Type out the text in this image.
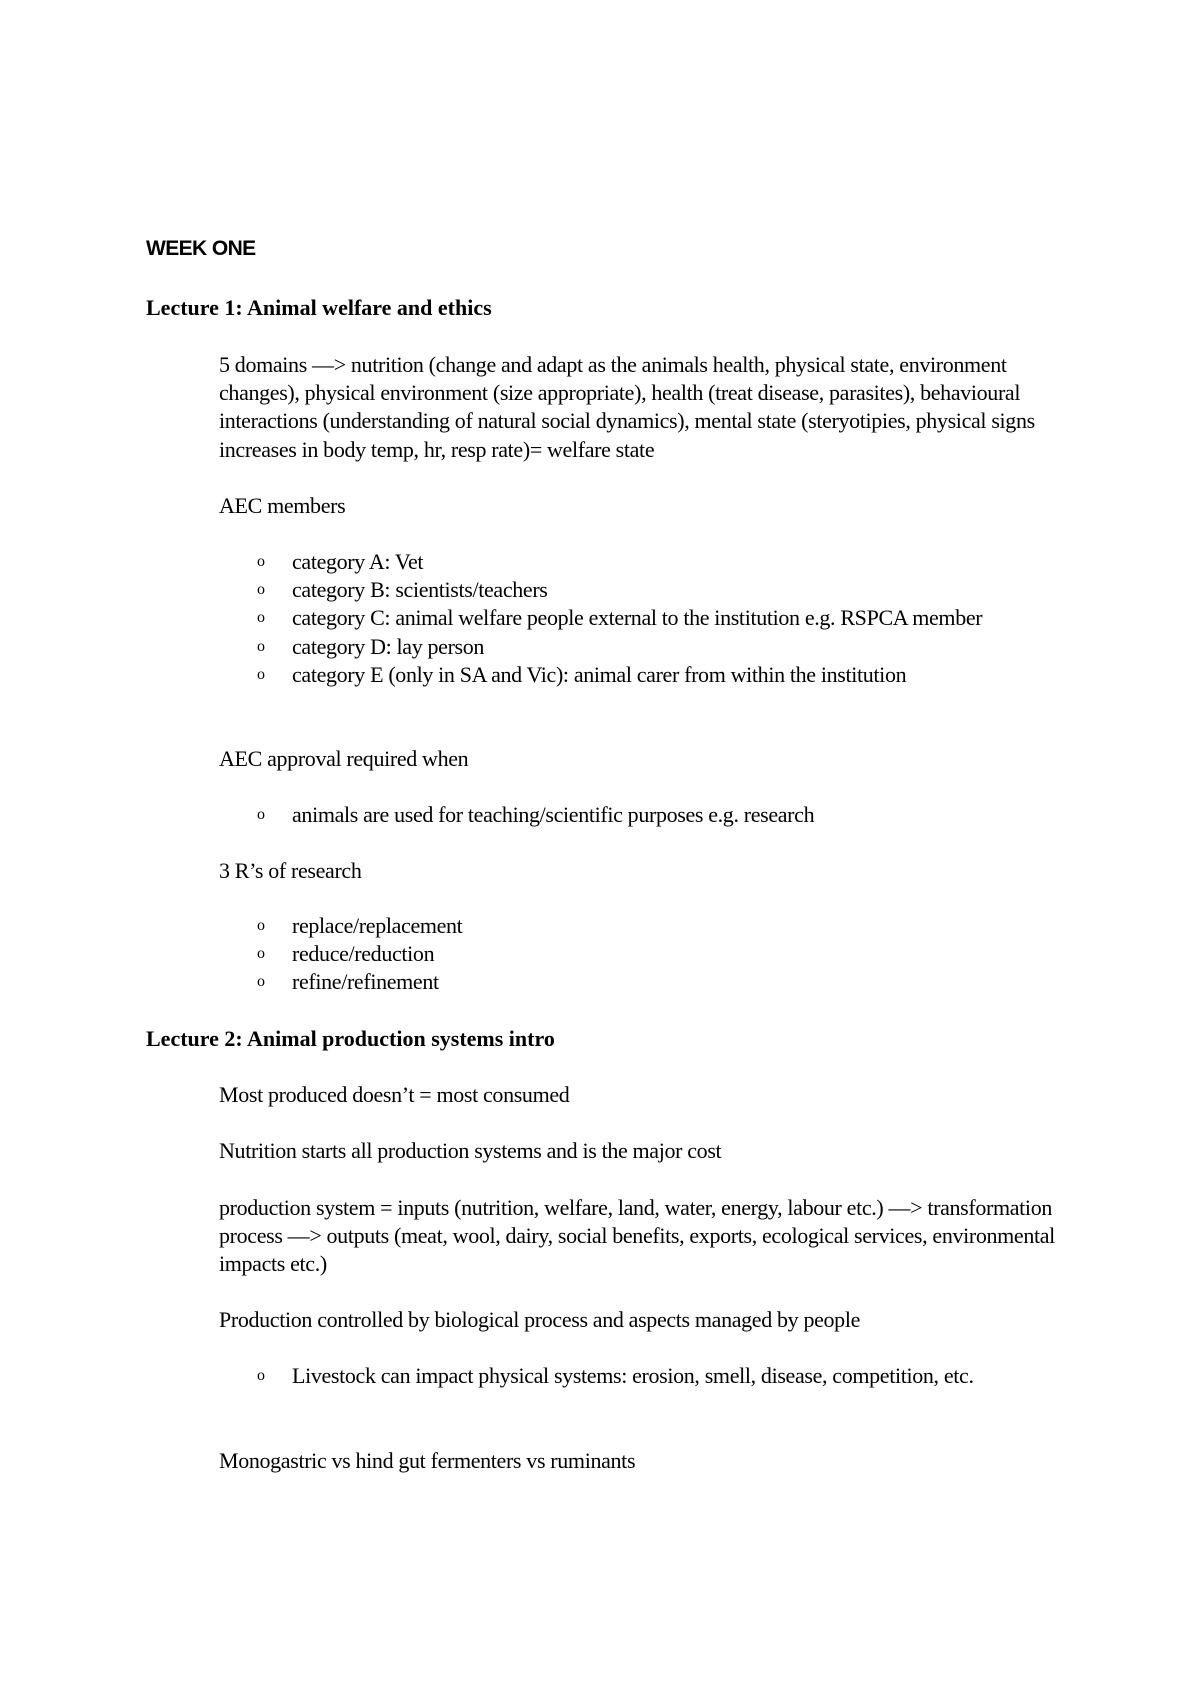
WEEK ONE
Lecture 1: Animal welfare and ethics
5 domains —> nutrition (change and adapt as the animals health, physical state, environment changes), physical environment (size appropriate), health (treat disease, parasites), behavioural interactions (understanding of natural social dynamics), mental state (steryotipies, physical signs increases in body temp, hr, resp rate)= welfare state
AEC members
o category A: Vet
o category B: scientists/teachers
o category C: animal welfare people external to the institution e.g. RSPCA member
o category D: lay person
o category E (only in SA and Vic): animal carer from within the institution
AEC approval required when
o animals are used for teaching/scientific purposes e.g. research
3 R’s of research
o replace/replacement
o reduce/reduction
o refine/refinement
Lecture 2: Animal production systems intro
Most produced doesn’t = most consumed
Nutrition starts all production systems and is the major cost
production system = inputs (nutrition, welfare, land, water, energy, labour etc.) —> transformation process —> outputs (meat, wool, dairy, social benefits, exports, ecological services, environmental impacts etc.)
Production controlled by biological process and aspects managed by people
o Livestock can impact physical systems: erosion, smell, disease, competition, etc.
Monogastric vs hind gut fermenters vs ruminants
